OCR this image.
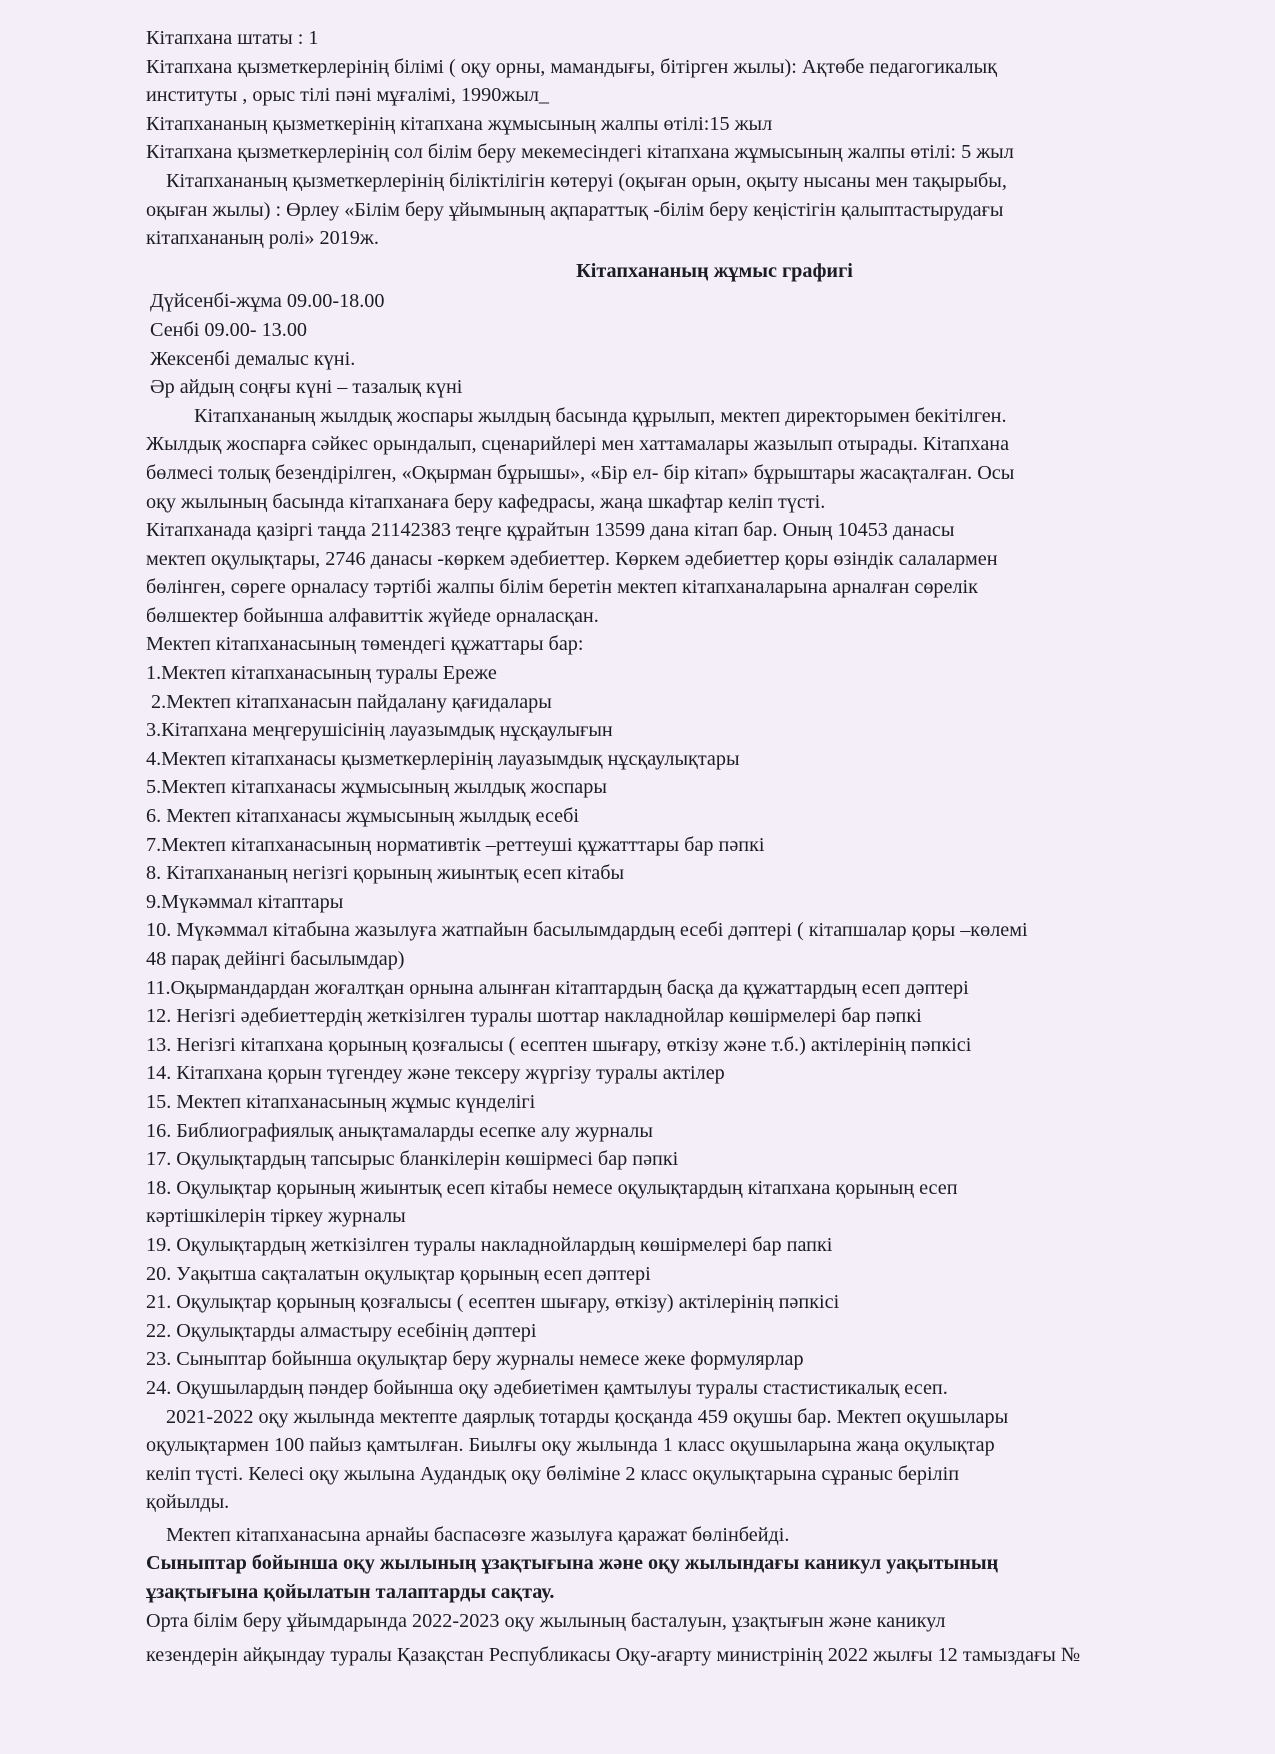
Кітапхана штаты : 1
Кітапхана қызметкерлерінің білімі ( оқу орны, мамандығы, бітірген жылы): Ақтөбе педагогикалық
институты , орыс тілі пәні мұғалімі, 1990жыл_
Кітапхананың қызметкерінің кітапхана жұмысының жалпы өтілі:15 жыл
Кітапхана қызметкерлерінің сол білім беру мекемесіндегі кітапхана жұмысының жалпы өтілі: 5 жыл
Кітапхананың қызметкерлерінің біліктілігін көтеруі (оқыған орын, оқыту нысаны мен тақырыбы,
оқыған жылы) : Өрлеу «Білім беру ұйымының ақпараттық -білім беру кеңістігін қалыптастырудағы
кітапхананың ролі» 2019ж.
Кітапхананың жұмыс графигі
Дүйсенбі-жұма 09.00-18.00
Сенбі 09.00- 13.00
Жексенбі демалыс күні.
Әр айдың соңғы күні – тазалық күні
Кітапхананың жылдық жоспары жылдың басында құрылып, мектеп директорымен бекітілген.
Жылдық жоспарға сәйкес орындалып, сценарийлері мен хаттамалары жазылып отырады. Кітапхана
бөлмесі толық безендірілген, «Оқырман бұрышы», «Бір ел- бір кітап» бұрыштары жасақталған. Осы
оқу жылының басында кітапханаға беру кафедрасы, жаңа шкафтар келіп түсті.
Кітапханада қазіргі таңда 21142383 теңге құрайтын 13599 дана кітап бар. Оның 10453 данасы
мектеп оқулықтары, 2746 данасы -көркем әдебиеттер. Көркем әдебиеттер қоры өзіндік салалармен
бөлінген, сөреге орналасу тәртібі жалпы білім беретін мектеп кітапханаларына арналған сөрелік
бөлшектер бойынша алфавиттік жүйеде орналасқан.
Мектеп кітапханасының төмендегі құжаттары бар:
1.Мектеп кітапханасының туралы Ереже
2.Мектеп кітапханасын пайдалану қағидалары
3.Кітапхана меңгерушісінің лауазымдық нұсқаулығын
4.Мектеп кітапханасы қызметкерлерінің лауазымдық нұсқаулықтары
5.Мектеп кітапханасы жұмысының жылдық жоспары
6. Мектеп кітапханасы жұмысының жылдық есебі
7.Мектеп кітапханасының нормативтік –реттеуші құжатттары бар пәпкі
8. Кітапхананың негізгі қорының жиынтық есеп кітабы
9.Мүкәммал кітаптары
10. Мүкәммал кітабына жазылуға жатпайын басылымдардың есебі дәптері ( кітапшалар қоры –көлемі
48 парақ дейінгі басылымдар)
11.Оқырмандардан жоғалтқан орнына алынған кітаптардың басқа да құжаттардың есеп дәптері
12. Негізгі әдебиеттердің жеткізілген туралы шоттар накладнойлар көшірмелері бар пәпкі
13. Негізгі кітапхана қорының қозғалысы ( есептен шығару, өткізу және т.б.) актілерінің пәпкісі
14. Кітапхана қорын түгендеу және тексеру жүргізу туралы актілер
15. Мектеп кітапханасының жұмыс күнделігі
16. Библиографиялық анықтамаларды есепке алу журналы
17. Оқулықтардың тапсырыс бланкілерін көшірмесі бар пәпкі
18. Оқулықтар қорының жиынтық есеп кітабы немесе оқулықтардың кітапхана қорының есеп
кәртішкілерін тіркеу журналы
19. Оқулықтардың жеткізілген туралы накладнойлардың көшірмелері бар папкі
20. Уақытша сақталатын оқулықтар қорының есеп дәптері
21. Оқулықтар қорының қозғалысы ( есептен шығару, өткізу) актілерінің пәпкісі
22. Оқулықтарды алмастыру есебінің дәптері
23. Сыныптар бойынша оқулықтар беру журналы немесе жеке формулярлар
24. Оқушылардың пәндер бойынша оқу әдебиетімен қамтылуы туралы стастистикалық есеп.
2021-2022 оқу жылында мектепте даярлық тотарды қосқанда 459 оқушы бар. Мектеп оқушылары
оқулықтармен 100 пайыз қамтылған. Биылғы оқу жылында 1 класс оқушыларына жаңа оқулықтар
келіп түсті. Келесі оқу жылына Аудандық оқу бөліміне 2 класс оқулықтарына сұраныс беріліп
қойылды.
Мектеп кітапханасына арнайы баспасөзге жазылуға қаражат бөлінбейді.
Сыныптар бойынша оқу жылының ұзақтығына және оқу жылындағы каникул уақытының
ұзақтығына қойылатын талаптарды сақтау.
Орта білім беру ұйымдарында 2022-2023 оқу жылының басталуын, ұзақтығын және каникул
кезендерін айқындау туралы Қазақстан Республикасы Оқу-ағарту министрінің 2022 жылғы 12 тамыздағы №
